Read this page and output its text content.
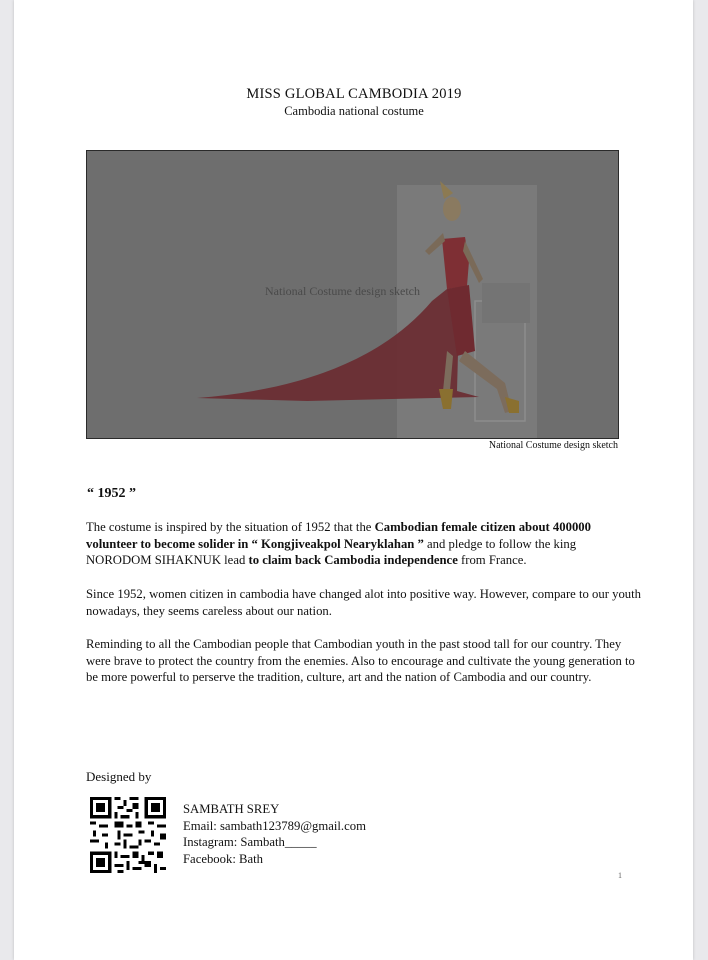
MISS GLOBAL CAMBODIA 2019
Cambodia national costume
National Costume design sketch
National Costume design sketch
“ 1952 ”
The costume is inspired by the situation of 1952 that the Cambodian female citizen about 400000 volunteer to become solider in “ Kongjiveakpol Nearyklahan ” and pledge to follow the king NORODOM SIHAKNUK lead to claim back Cambodia independence from France.
Since 1952, women citizen in cambodia have changed alot into positive way. However, compare to our youth nowadays, they seems careless about our nation.
Reminding to all the Cambodian people that Cambodian youth in the past stood tall for our country. They were brave to protect the country from the enemies. Also to encourage and cultivate the young generation to be more powerful to perserve the tradition, culture, art and the nation of Cambodia and our country.
Designed by
SAMBATH SREY
Email: sambath123789@gmail.com
Instagram: Sambath_____
Facebook: Bath
1
